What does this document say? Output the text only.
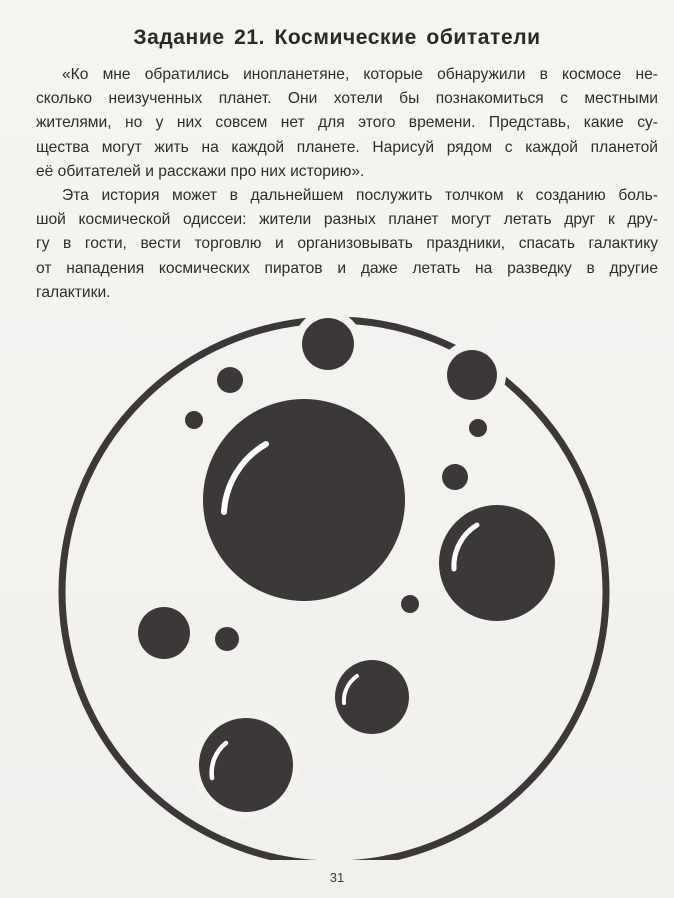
Задание 21. Космические обитатели
«Ко мне обратились инопланетяне, которые обнаружили в космосе не-
сколько неизученных планет. Они хотели бы познакомиться с местными
жителями, но у них совсем нет для этого времени. Представь, какие су-
щества могут жить на каждой планете. Нарисуй рядом с каждой планетой
её обитателей и расскажи про них историю».
Эта история может в дальнейшем послужить толчком к созданию боль-
шой космической одиссеи: жители разных планет могут летать друг к дру-
гу в гости, вести торговлю и организовывать праздники, спасать галактику
от нападения космических пиратов и даже летать на разведку в другие
галактики.
31
